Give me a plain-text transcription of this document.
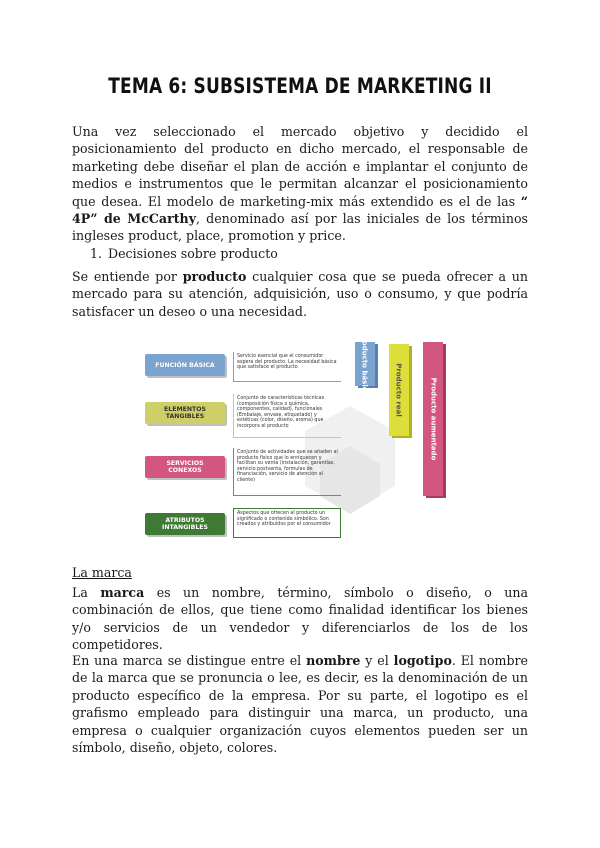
TEMA 6: SUBSISTEMA DE MARKETING II

Una vez seleccionado el mercado objetivo y decidido el posicionamiento del producto en dicho mercado, el responsable de marketing debe diseñar el plan de acción e implantar el conjunto de medios e instrumentos que le permitan alcanzar el posicionamiento que desea. El modelo de marketing-mix más extendido es el de las “ 4P” de McCarthy, denominado así por las iniciales de los términos ingleses product, place, promotion y price.

1. Decisiones sobre producto

Se entiende por producto cualquier cosa que se pueda ofrecer a un mercado para su atención, adquisición, uso o consumo, y que podría satisfacer un deseo o una necesidad.

FUNCIÓN BÁSICA
Servicio esencial que el consumidor espera del producto. La necesidad básica que satisface el producto
ELEMENTOS
TANGIBLES
Conjunto de características técnicas (composición física o química, componentes, calidad), funcionales (Embalaje, envase, etiquetado) y estéticas (color, diseño, aroma) que incorpora el producto
SERVICIOS
CONEXOS
Conjunto de actividades que se añaden al producto físico que lo enriquecen y facilitan su venta (instalación, garantías, servicio postventa, formulas de financiación, servicio de atención al cliente)
ATRIBUTOS
INTANGIBLES
Aspectos que ofrecen al producto un significado o contenido simbólico. Son creados y atribuidos por el consumidor
Producto básico	Producto real	Producto aumentado
La marca

La marca es un nombre, término, símbolo o diseño, o una combinación de ellos, que tiene como finalidad identificar los bienes y/o servicios de un vendedor y diferenciarlos de los de los competidores.

En una marca se distingue entre el nombre y el logotipo. El nombre de la marca que se pronuncia o lee, es decir, es la denominación de un producto específico de la empresa. Por su parte, el logotipo es el grafismo empleado para distinguir una marca, un producto, una empresa o cualquier organización cuyos elementos pueden ser un símbolo, diseño, objeto, colores.
